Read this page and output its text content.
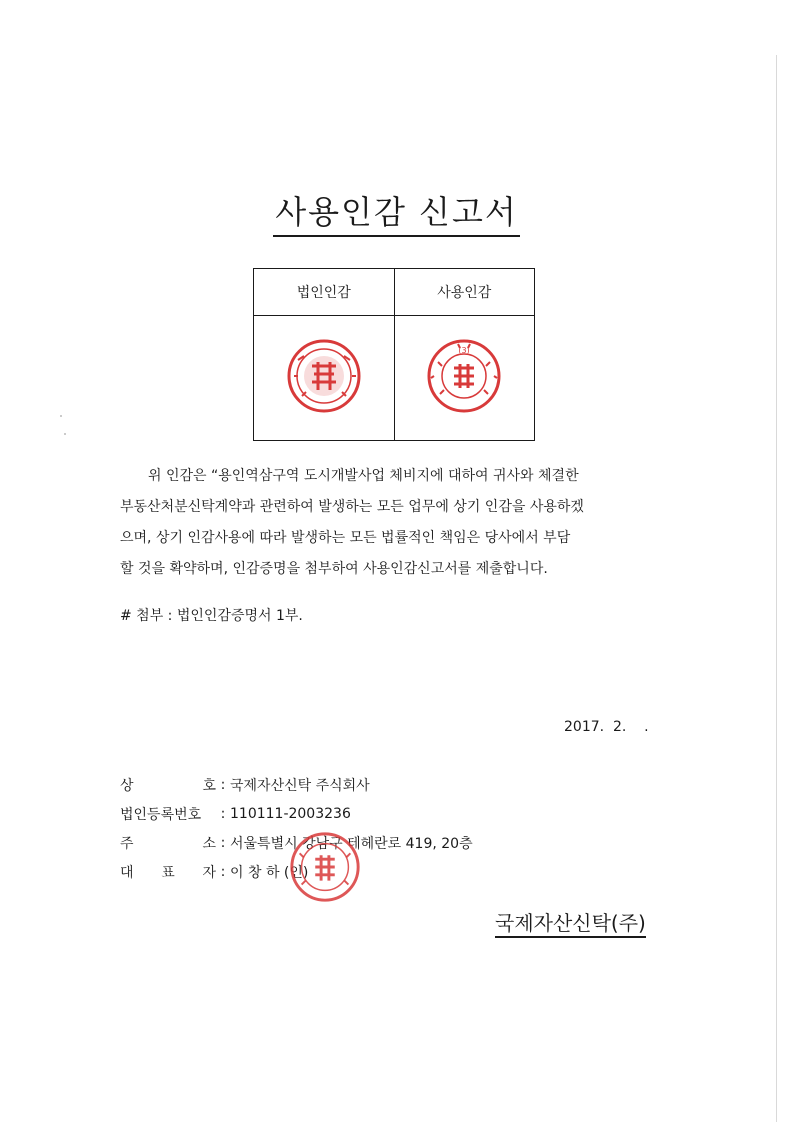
사용인감 신고서
법인인감	사용인감

(3)
위 인감은 “용인역삼구역 도시개발사업 체비지에 대하여 귀사와 체결한
부동산처분신탁계약과 관련하여 발생하는 모든 업무에 상기 인감을 사용하겠
으며, 상기 인감사용에 따라 발생하는 모든 법률적인 책임은 당사에서 부담
할 것을 확약하며, 인감증명을 첨부하여 사용인감신고서를 제출합니다.
# 첨부 : 법인인감증명서 1부.
2017.  2.    .
상 호 : 국제자산신탁 주식회사
법인등록번호	: 110111-2003236
주 소 : 서울특별시 강남구 테헤란로 419, 20층
대 표 자 : 이 창 하 (인)
국제자산신탁(주)
